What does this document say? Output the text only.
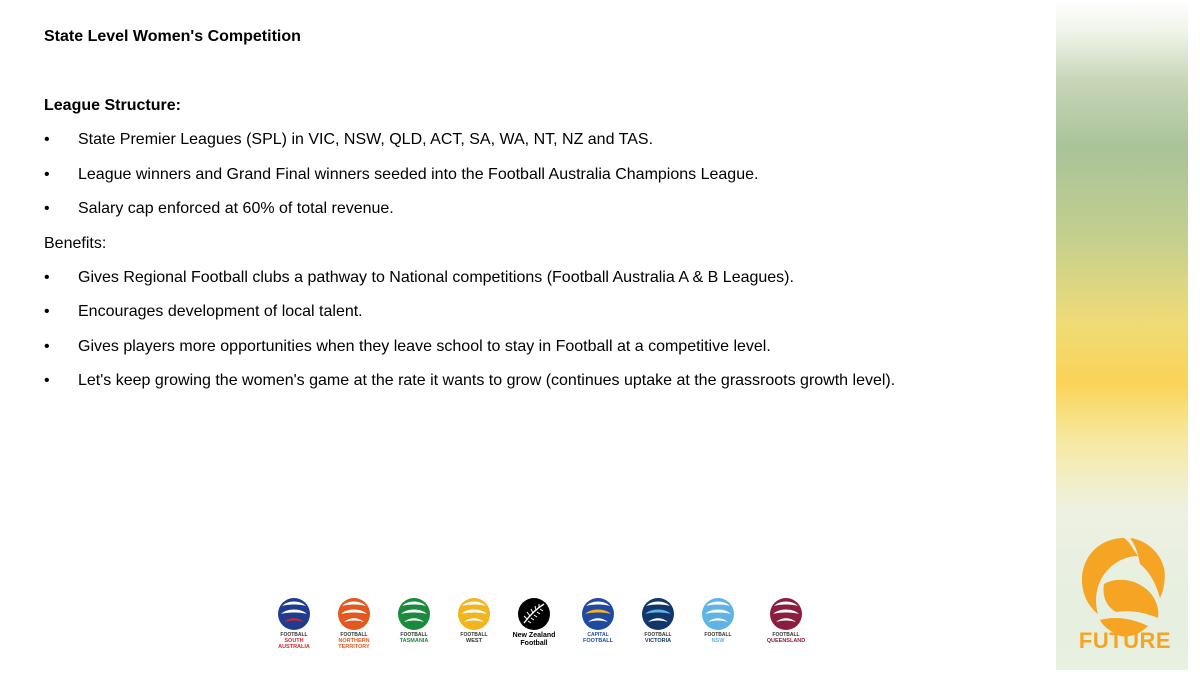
State Level Women's Competition
League Structure:
• State Premier Leagues (SPL) in VIC, NSW, QLD, ACT, SA, WA, NT, NZ and TAS.
• League winners and Grand Final winners seeded into the Football Australia Champions League.
• Salary cap enforced at 60% of total revenue.
Benefits:
• Gives Regional Football clubs a pathway to National competitions (Football Australia A & B Leagues).
• Encourages development of local talent.
• Gives players more opportunities when they leave school to stay in Football at a competitive level.
• Let's keep growing the women's game at the rate it wants to grow (continues uptake at the grassroots growth level).
FUTURE
FOOTBALL
SOUTH AUSTRALIA
FOOTBALL
NORTHERN TERRITORY
FOOTBALL
TASMANIA
FOOTBALL
WEST
New Zealand
Football
CAPITAL
FOOTBALL
FOOTBALL
VICTORIA
FOOTBALL
NSW
FOOTBALL
QUEENSLAND
